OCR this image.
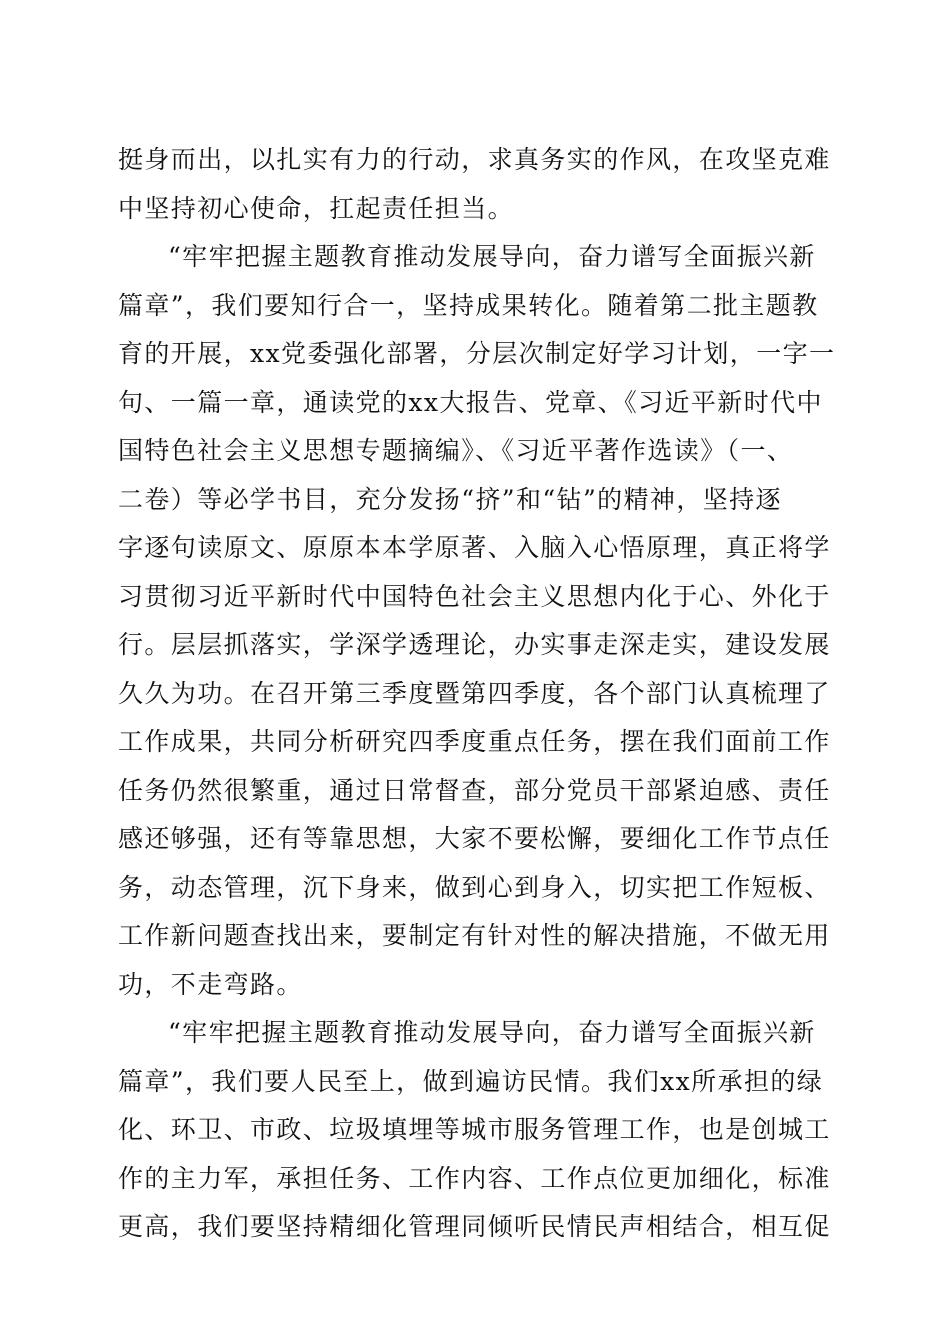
挺身而出，以扎实有力的行动，求真务实的作风，在攻坚克难
中坚持初心使命，扛起责任担当。
“牢牢把握主题教育推动发展导向，奋力谱写全面振兴新
篇章”，我们要知行合一，坚持成果转化。随着第二批主题教
育的开展，xx党委强化部署，分层次制定好学习计划，一字一
句、一篇一章，通读党的xx大报告、党章、《习近平新时代中
国特色社会主义思想专题摘编》、《习近平著作选读》（一、
二卷）等必学书目，充分发扬“挤”和“钻”的精神，坚持逐
字逐句读原文、原原本本学原著、入脑入心悟原理，真正将学
习贯彻习近平新时代中国特色社会主义思想内化于心、外化于
行。层层抓落实，学深学透理论，办实事走深走实，建设发展
久久为功。在召开第三季度暨第四季度，各个部门认真梳理了
工作成果，共同分析研究四季度重点任务，摆在我们面前工作
任务仍然很繁重，通过日常督查，部分党员干部紧迫感、责任
感还够强，还有等靠思想，大家不要松懈，要细化工作节点任
务，动态管理，沉下身来，做到心到身入，切实把工作短板、
工作新问题查找出来，要制定有针对性的解决措施，不做无用
功，不走弯路。
“牢牢把握主题教育推动发展导向，奋力谱写全面振兴新
篇章”，我们要人民至上，做到遍访民情。我们xx所承担的绿
化、环卫、市政、垃圾填埋等城市服务管理工作，也是创城工
作的主力军，承担任务、工作内容、工作点位更加细化，标准
更高，我们要坚持精细化管理同倾听民情民声相结合，相互促
